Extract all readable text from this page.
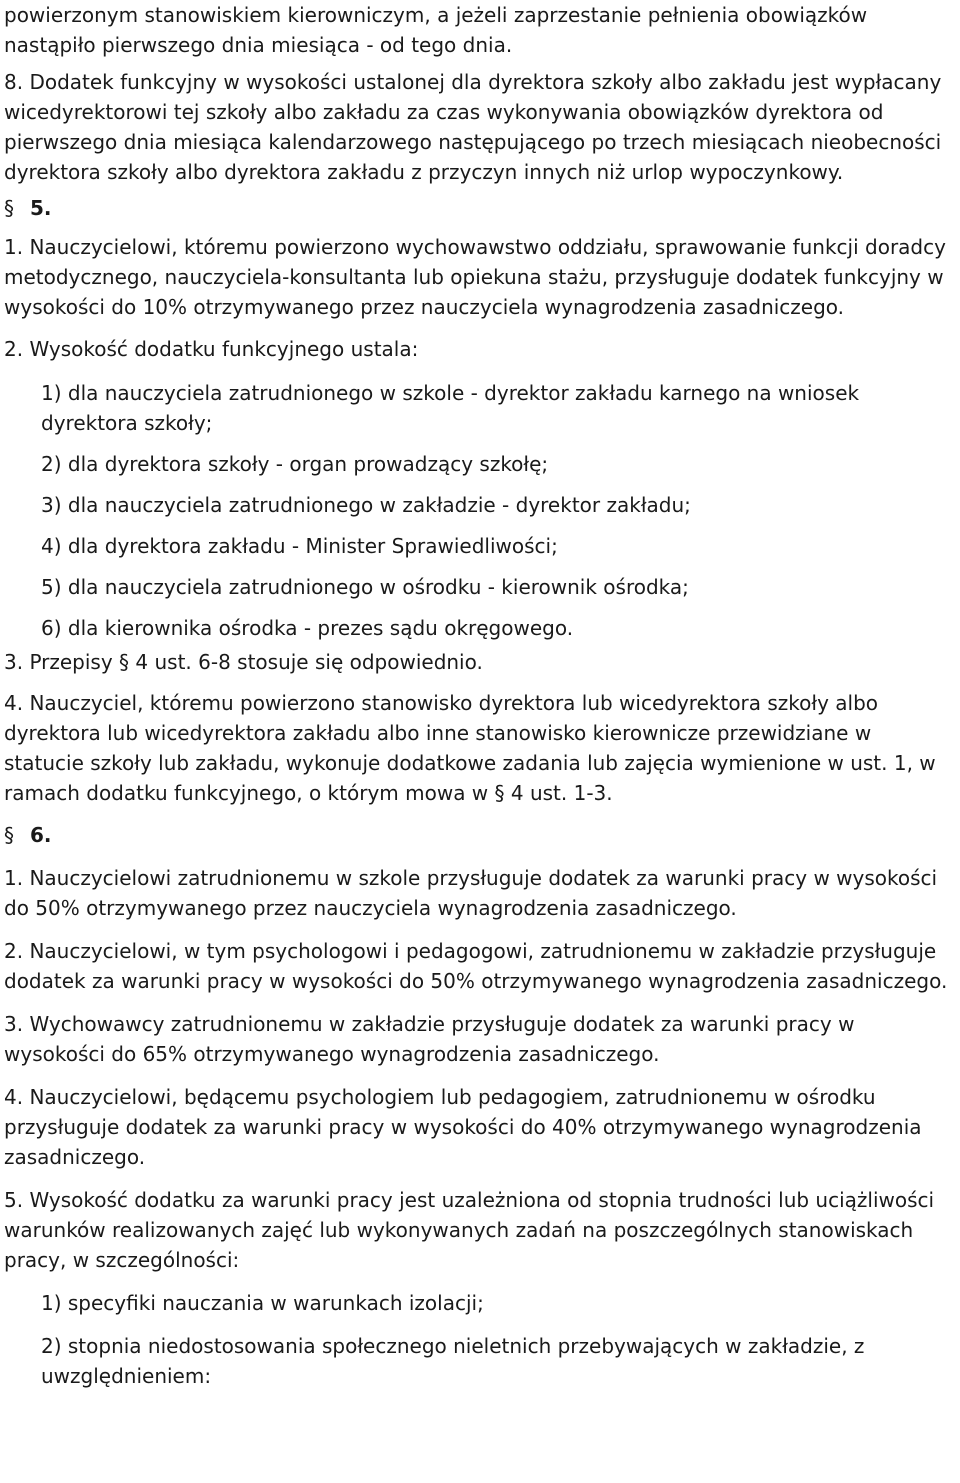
powierzonym stanowiskiem kierowniczym, a jeżeli zaprzestanie pełnienia obowiązków nastąpiło pierwszego dnia miesiąca - od tego dnia.

8. Dodatek funkcyjny w wysokości ustalonej dla dyrektora szkoły albo zakładu jest wypłacany wicedyrektorowi tej szkoły albo zakładu za czas wykonywania obowiązków dyrektora od pierwszego dnia miesiąca kalendarzowego następującego po trzech miesiącach nieobecności dyrektora szkoły albo dyrektora zakładu z przyczyn innych niż urlop wypoczynkowy.

§ 5.

1. Nauczycielowi, któremu powierzono wychowawstwo oddziału, sprawowanie funkcji doradcy metodycznego, nauczyciela-konsultanta lub opiekuna stażu, przysługuje dodatek funkcyjny w wysokości do 10% otrzymywanego przez nauczyciela wynagrodzenia zasadniczego.

2. Wysokość dodatku funkcyjnego ustala:

1) dla nauczyciela zatrudnionego w szkole - dyrektor zakładu karnego na wniosek dyrektora szkoły;

2) dla dyrektora szkoły - organ prowadzący szkołę;

3) dla nauczyciela zatrudnionego w zakładzie - dyrektor zakładu;

4) dla dyrektora zakładu - Minister Sprawiedliwości;

5) dla nauczyciela zatrudnionego w ośrodku - kierownik ośrodka;

6) dla kierownika ośrodka - prezes sądu okręgowego.

3. Przepisy § 4 ust. 6-8 stosuje się odpowiednio.

4. Nauczyciel, któremu powierzono stanowisko dyrektora lub wicedyrektora szkoły albo dyrektora lub wicedyrektora zakładu albo inne stanowisko kierownicze przewidziane w statucie szkoły lub zakładu, wykonuje dodatkowe zadania lub zajęcia wymienione w ust. 1, w ramach dodatku funkcyjnego, o którym mowa w § 4 ust. 1-3.

§ 6.

1. Nauczycielowi zatrudnionemu w szkole przysługuje dodatek za warunki pracy w wysokości do 50% otrzymywanego przez nauczyciela wynagrodzenia zasadniczego.

2. Nauczycielowi, w tym psychologowi i pedagogowi, zatrudnionemu w zakładzie przysługuje dodatek za warunki pracy w wysokości do 50% otrzymywanego wynagrodzenia zasadniczego.

3. Wychowawcy zatrudnionemu w zakładzie przysługuje dodatek za warunki pracy w wysokości do 65% otrzymywanego wynagrodzenia zasadniczego.

4. Nauczycielowi, będącemu psychologiem lub pedagogiem, zatrudnionemu w ośrodku przysługuje dodatek za warunki pracy w wysokości do 40% otrzymywanego wynagrodzenia zasadniczego.

5. Wysokość dodatku za warunki pracy jest uzależniona od stopnia trudności lub uciążliwości warunków realizowanych zajęć lub wykonywanych zadań na poszczególnych stanowiskach pracy, w szczególności:

1) specyfiki nauczania w warunkach izolacji;

2) stopnia niedostosowania społecznego nieletnich przebywających w zakładzie, z uwzględnieniem:
